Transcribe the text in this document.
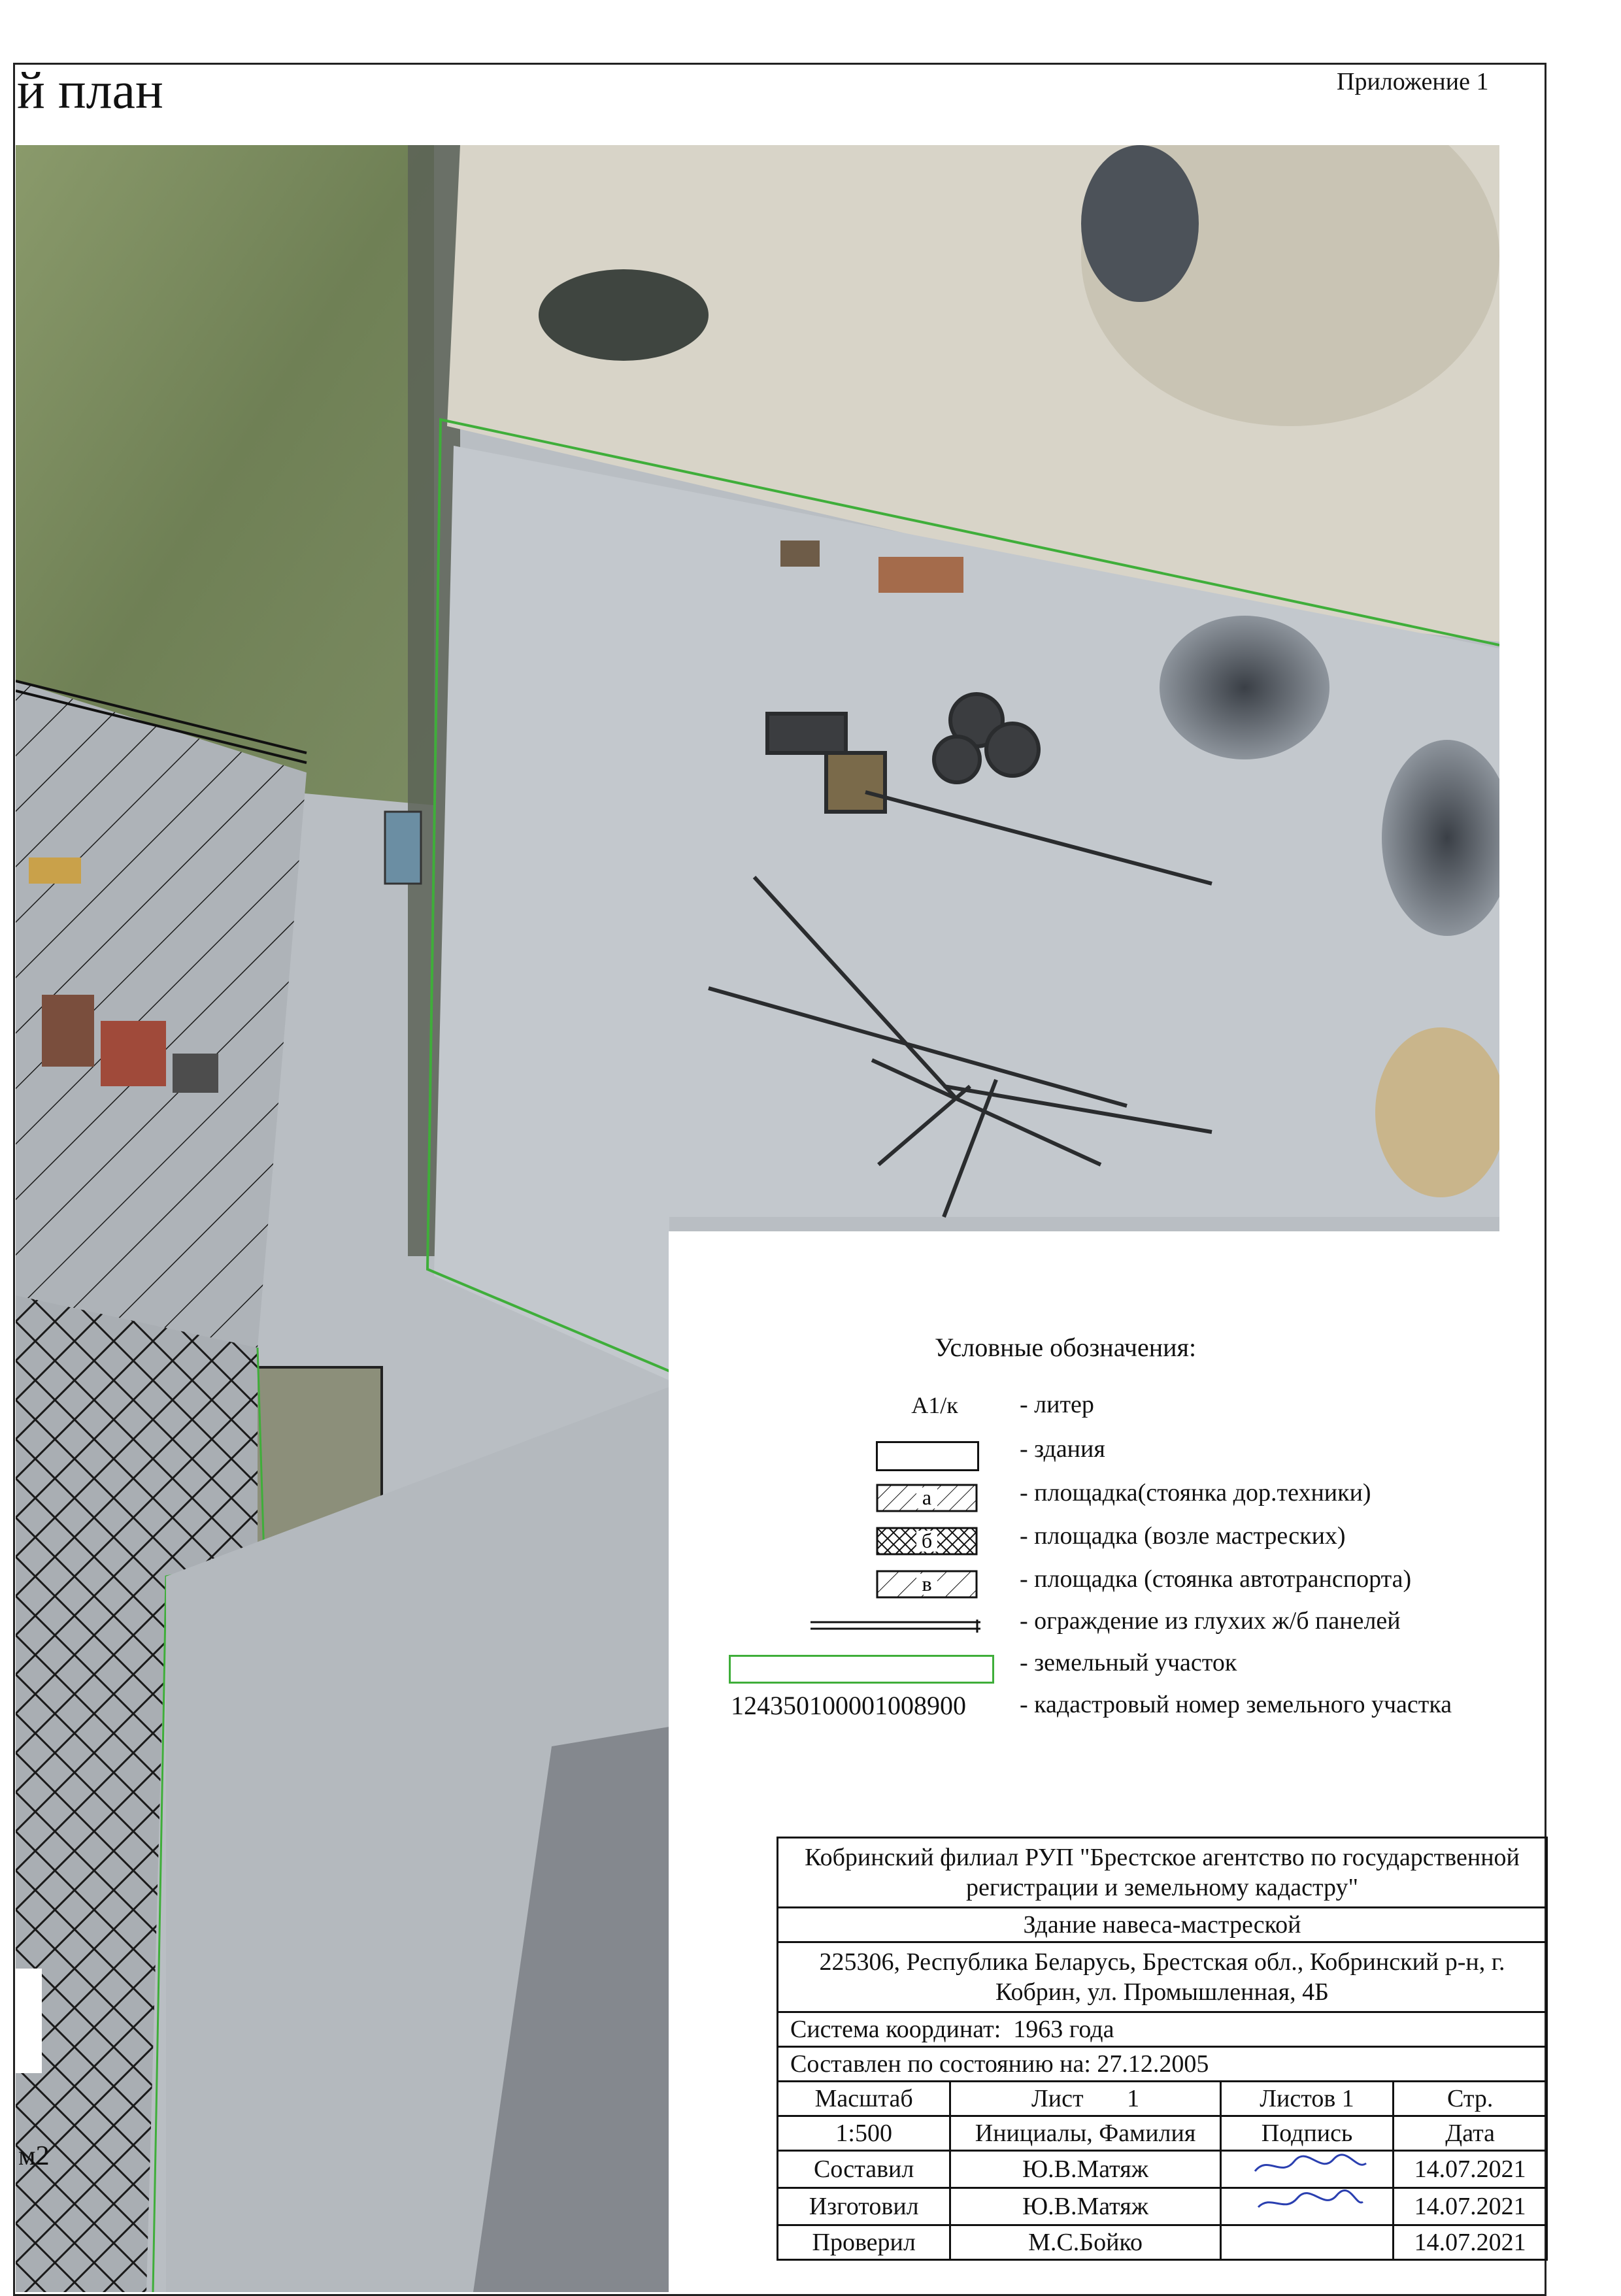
й план	Приложение 1
м2
Условные обозначения:
А1/к	- литер
- здания
а	- площадка(стоянка дор.техники)
б	- площадка (возле мастреских)
в	- площадка (стоянка автотранспорта)
- ограждение из глухих ж/б панелей
- земельный участок
124350100001008900 - кадастровый номер земельного участка
Кобринский филиал РУП "Брестское агентство по государственной регистрации и земельному кадастру"			
Здание навеса-мастреской			
225306, Республика Беларусь, Брестская обл., Кобринский р-н, г. Кобрин, ул. Промышленная, 4Б			
Система координат: 1963 года			
Составлен по состоянию на: 27.12.2005			
Масштаб	Лист 1	Листов 1	Стр.
1:500	Инициалы, Фамилия	Подпись	Дата
Составил	Ю.В.Матяж		14.07.2021
Изготовил	Ю.В.Матяж		14.07.2021
Проверил	М.С.Бойко		14.07.2021
